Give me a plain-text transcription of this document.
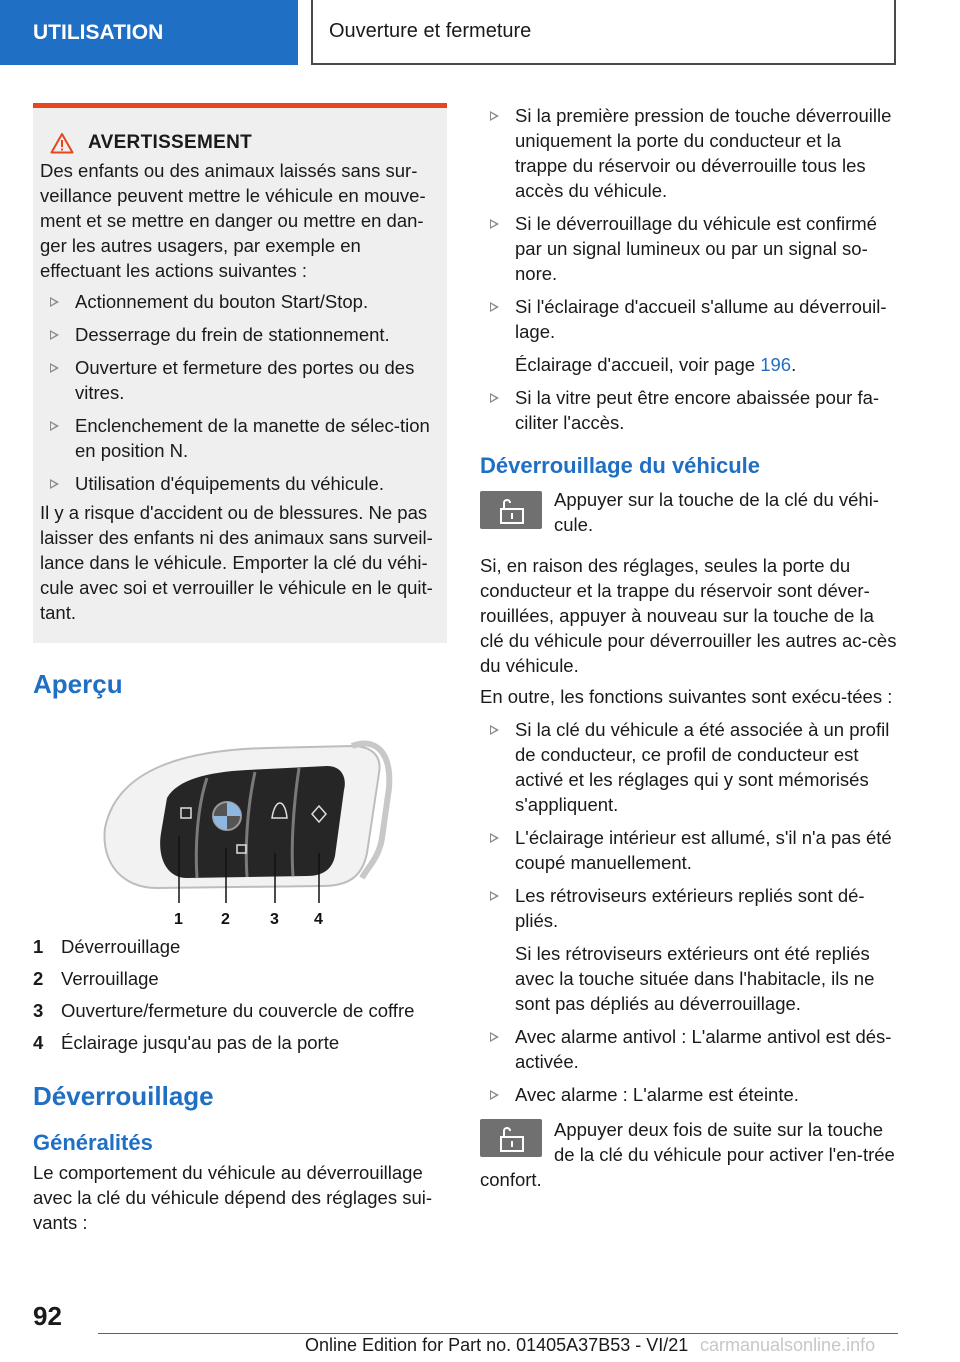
UTILISATION	Ouverture et fermeture
AVERTISSEMENT

Des enfants ou des animaux laissés sans sur-veillance peuvent mettre le véhicule en mouve-ment et se mettre en danger ou mettre en dan-ger les autres usagers, par exemple en effectuant les actions suivantes :

Actionnement du bouton Start/Stop.
Desserrage du frein de stationnement.
Ouverture et fermeture des portes ou des vitres.
Enclenchement de la manette de sélec-tion en position N.
Utilisation d'équipements du véhicule.

Il y a risque d'accident ou de blessures. Ne pas laisser des enfants ni des animaux sans surveil-lance dans le véhicule. Emporter la clé du véhi-cule avec soi et verrouiller le véhicule en le quit-tant.

Aperçu
1 2	3 4
1 Déverrouillage
2 Verrouillage
3 Ouverture/fermeture du couvercle de coffre
4 Éclairage jusqu'au pas de la porte
Déverrouillage
Généralités

Le comportement du véhicule au déverrouillage avec la clé du véhicule dépend des réglages sui-vants :

Si la première pression de touche déverrouille uniquement la porte du conducteur et la trappe du réservoir ou déverrouille tous les accès du véhicule.
Si le déverrouillage du véhicule est confirmé par un signal lumineux ou par un signal so-nore.
Si l'éclairage d'accueil s'allume au déverrouil-lage.

Éclairage d'accueil, voir page 196.

Si la vitre peut être encore abaissée pour fa-ciliter l'accès.
Déverrouillage du véhicule

Appuyer sur la touche de la clé du véhi-cule.

Si, en raison des réglages, seules la porte du conducteur et la trappe du réservoir sont déver-rouillées, appuyer à nouveau sur la touche de la clé du véhicule pour déverrouiller les autres ac-cès du véhicule.

En outre, les fonctions suivantes sont exécu-tées :

Si la clé du véhicule a été associée à un profil de conducteur, ce profil de conducteur est activé et les réglages qui y sont mémorisés s'appliquent.
L'éclairage intérieur est allumé, s'il n'a pas été coupé manuellement.
Les rétroviseurs extérieurs repliés sont dé-pliés.

Si les rétroviseurs extérieurs ont été repliés avec la touche située dans l'habitacle, ils ne sont pas dépliés au déverrouillage.

Avec alarme antivol : L'alarme antivol est dés-activée.
Avec alarme : L'alarme est éteinte.

Appuyer deux fois de suite sur la touche de la clé du véhicule pour activer l'en-trée confort.

92
Online Edition for Part no. 01405A37B53 - VI/21 carmanualsonline.info
